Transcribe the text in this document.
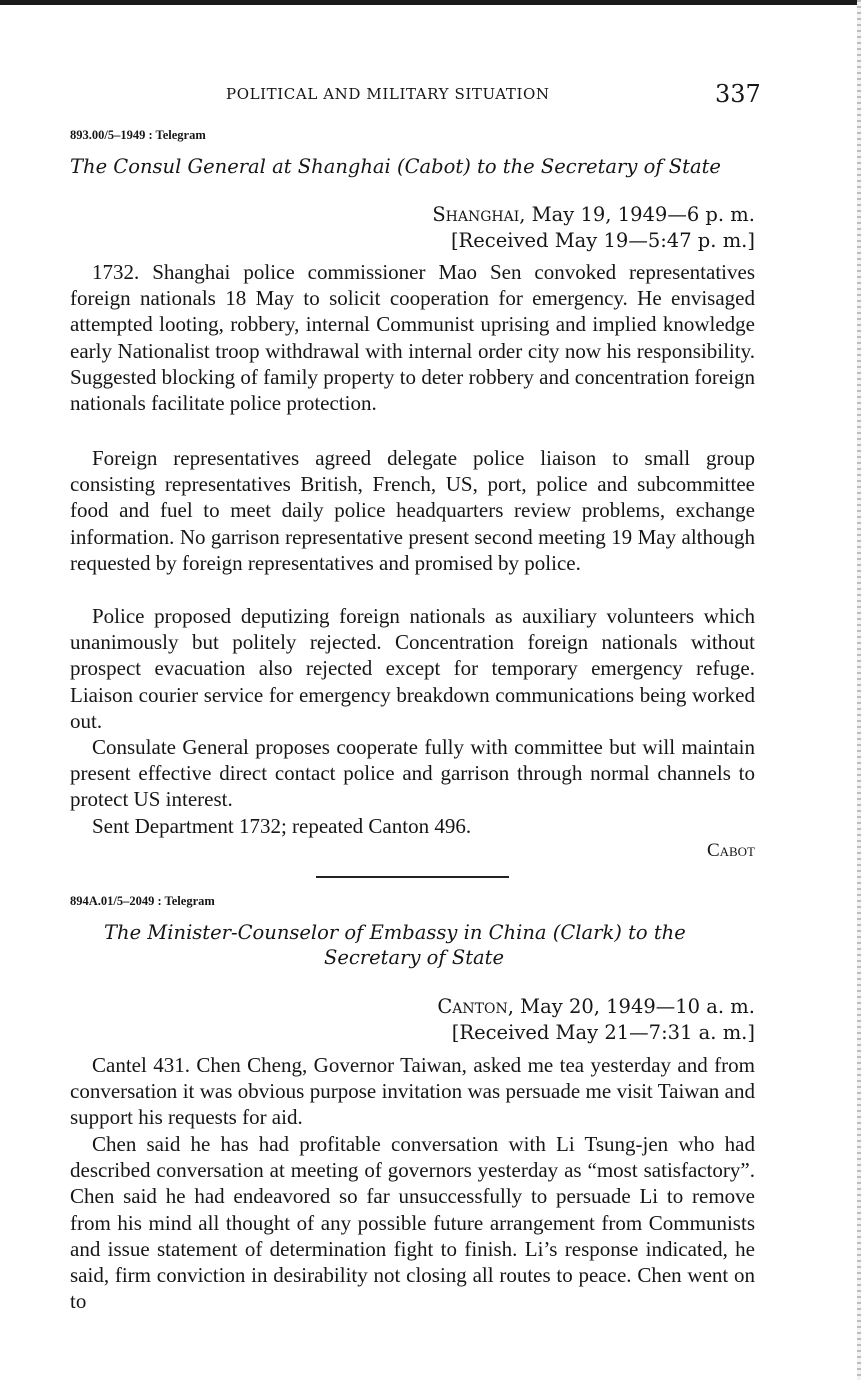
POLITICAL AND MILITARY SITUATION	337
893.00/5–1949 : Telegram
The Consul General at Shanghai (Cabot) to the Secretary of State
Shanghai, May 19, 1949—6 p. m.
[Received May 19—5:47 p. m.]

1732. Shanghai police commissioner Mao Sen convoked representatives foreign nationals 18 May to solicit cooperation for emergency. He envisaged attempted looting, robbery, internal Communist uprising and implied knowledge early Nationalist troop withdrawal with internal order city now his responsibility. Suggested blocking of family property to deter robbery and concentration foreign nationals facilitate police protection.

Foreign representatives agreed delegate police liaison to small group consisting representatives British, French, US, port, police and subcommittee food and fuel to meet daily police headquarters review problems, exchange information. No garrison representative present second meeting 19 May although requested by foreign representatives and promised by police.

Police proposed deputizing foreign nationals as auxiliary volunteers which unanimously but politely rejected. Concentration foreign nationals without prospect evacuation also rejected except for temporary emergency refuge. Liaison courier service for emergency breakdown communications being worked out.

Consulate General proposes cooperate fully with committee but will maintain present effective direct contact police and garrison through normal channels to protect US interest.

Sent Department 1732; repeated Canton 496.

Cabot
894A.01/5–2049 : Telegram
The Minister-Counselor of Embassy in China (Clark) to the
Secretary of State
Canton, May 20, 1949—10 a. m.
[Received May 21—7:31 a. m.]

Cantel 431. Chen Cheng, Governor Taiwan, asked me tea yesterday and from conversation it was obvious purpose invitation was persuade me visit Taiwan and support his requests for aid.

Chen said he has had profitable conversation with Li Tsung-jen who had described conversation at meeting of governors yesterday as “most satisfactory”. Chen said he had endeavored so far unsuccessfully to persuade Li to remove from his mind all thought of any possible future arrangement from Communists and issue statement of determination fight to finish. Li’s response indicated, he said, firm conviction in desirability not closing all routes to peace. Chen went on to
